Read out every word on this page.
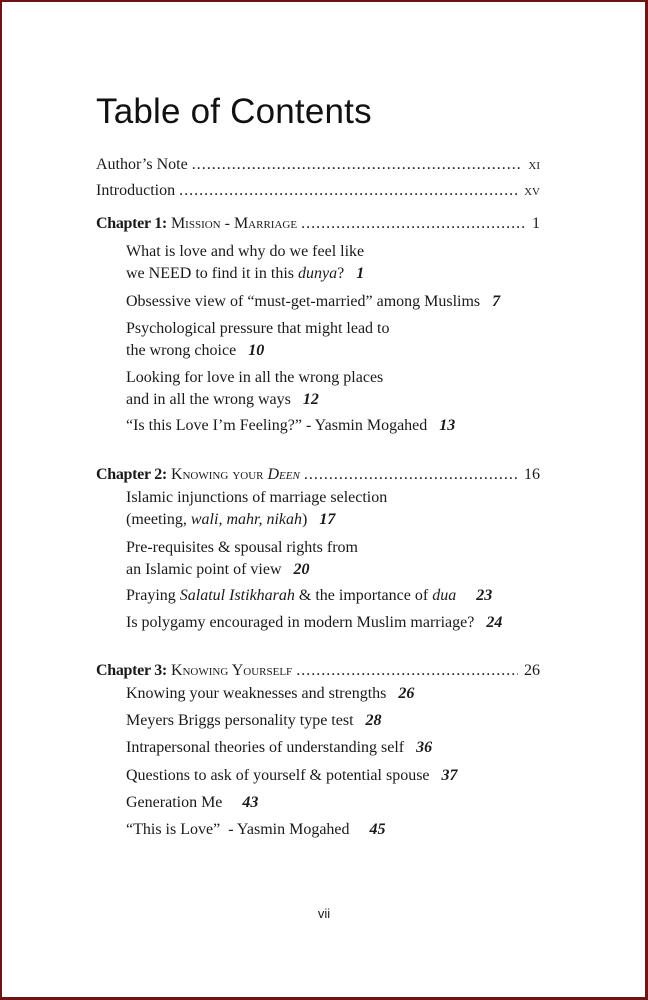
Table of Contents
Author’s Note .....	xi
Introduction .....	xv
Chapter 1: Mission - Marriage .....	1
What is love and why do we feel like
we NEED to find it in this dunya? 1
Obsessive view of “must-get-married” among Muslims 7
Psychological pressure that might lead to
the wrong choice 10
Looking for love in all the wrong places
and in all the wrong ways 12
“Is this Love I’m Feeling?” - Yasmin Mogahed 13
Chapter 2: Knowing your Deen .....	16
Islamic injunctions of marriage selection
(meeting, wali, mahr, nikah) 17
Pre-requisites & spousal rights from
an Islamic point of view 20
Praying Salatul Istikharah & the importance of dua 23
Is polygamy encouraged in modern Muslim marriage? 24
Chapter 3: Knowing Yourself .....	26
Knowing your weaknesses and strengths 26
Meyers Briggs personality type test 28
Intrapersonal theories of understanding self 36
Questions to ask of yourself & potential spouse 37
Generation Me 43
“This is Love”  - Yasmin Mogahed 45
vii
